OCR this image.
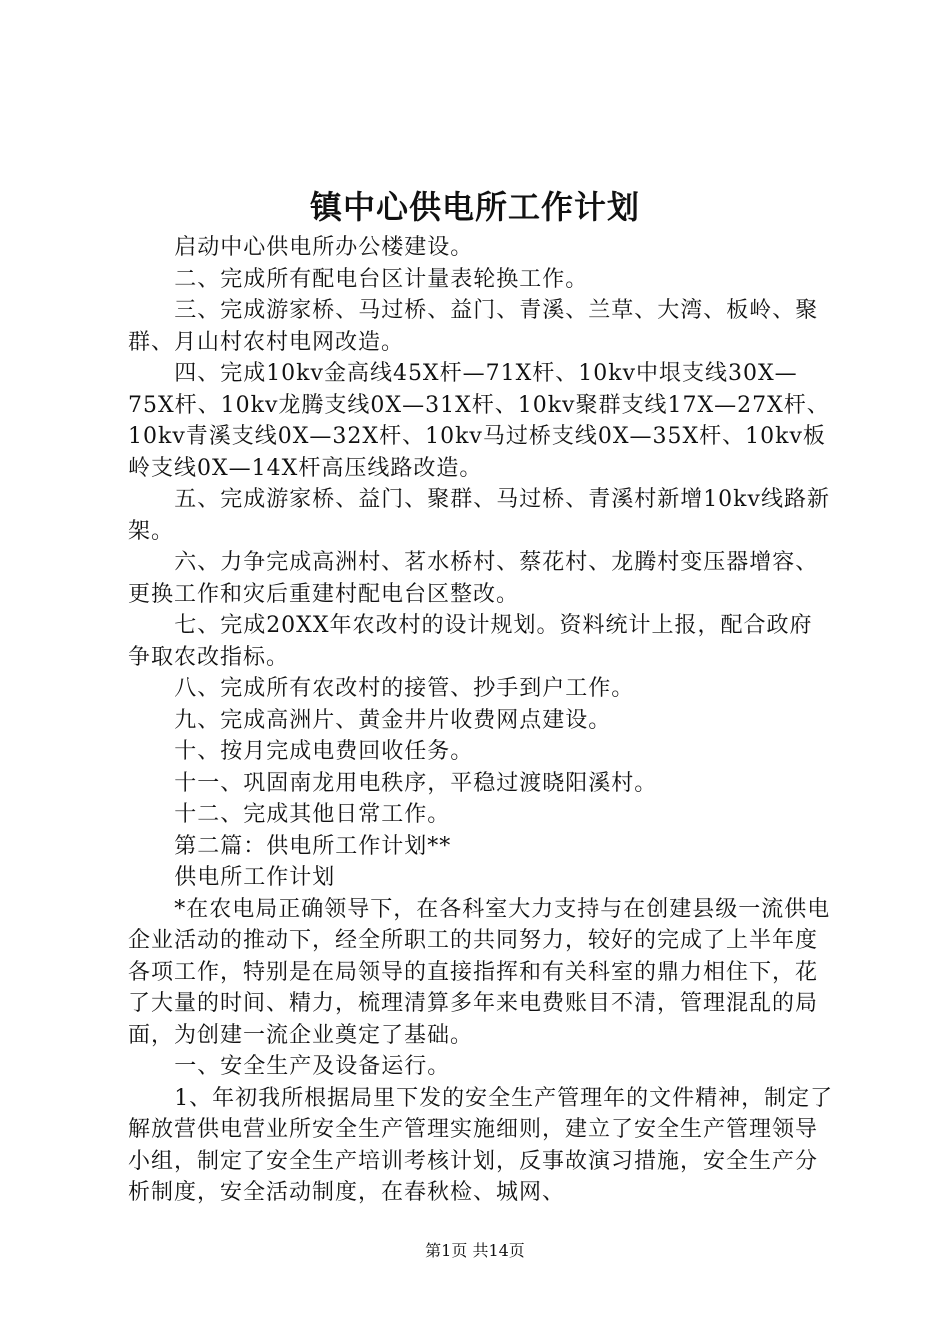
镇中心供电所工作计划

启动中心供电所办公楼建设。

二、完成所有配电台区计量表轮换工作。

三、完成游家桥、马过桥、益门、青溪、兰草、大湾、板岭、聚群、月山村农村电网改造。

四、完成10kv金高线45X杆—71X杆、10kv中垠支线30X—75X杆、10kv龙腾支线0X—31X杆、10kv聚群支线17X—27X杆、10kv青溪支线0X—32X杆、10kv马过桥支线0X—35X杆、10kv板岭支线0X—14X杆高压线路改造。

五、完成游家桥、益门、聚群、马过桥、青溪村新增10kv线路新架。

六、力争完成高洲村、茗水桥村、蔡花村、龙腾村变压器增容、更换工作和灾后重建村配电台区整改。

七、完成20XX年农改村的设计规划。资料统计上报，配合政府争取农改指标。

八、完成所有农改村的接管、抄手到户工作。

九、完成高洲片、黄金井片收费网点建设。

十、按月完成电费回收任务。

十一、巩固南龙用电秩序，平稳过渡晓阳溪村。

十二、完成其他日常工作。

第二篇：供电所工作计划**

供电所工作计划

*在农电局正确领导下，在各科室大力支持与在创建县级一流供电企业活动的推动下，经全所职工的共同努力，较好的完成了上半年度各项工作，特别是在局领导的直接指挥和有关科室的鼎力相住下，花了大量的时间、精力，梳理清算多年来电费账目不清，管理混乱的局面，为创建一流企业奠定了基础。

一、安全生产及设备运行。

1、年初我所根据局里下发的安全生产管理年的文件精神，制定了解放营供电营业所安全生产管理实施细则，建立了安全生产管理领导小组，制定了安全生产培训考核计划，反事故演习措施，安全生产分析制度，安全活动制度，在春秋检、城网、

第1页 共14页
